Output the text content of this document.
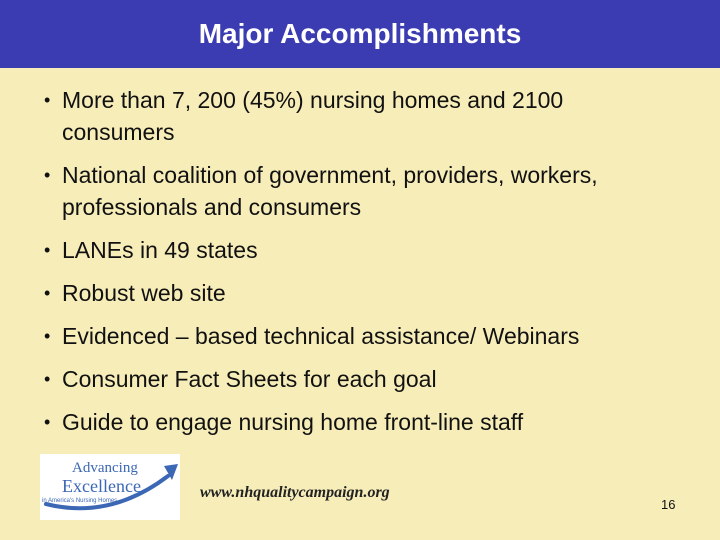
Major Accomplishments
• More than 7, 200 (45%) nursing homes and 2100
consumers
• National coalition of government, providers, workers,
professionals and consumers
• LANEs in 49 states
• Robust web site
• Evidenced – based technical assistance/ Webinars
• Consumer Fact Sheets for each goal
• Guide to engage nursing home front-line staff
Advancing
Excellence
in America's Nursing Homes	www.nhqualitycampaign.org
16
